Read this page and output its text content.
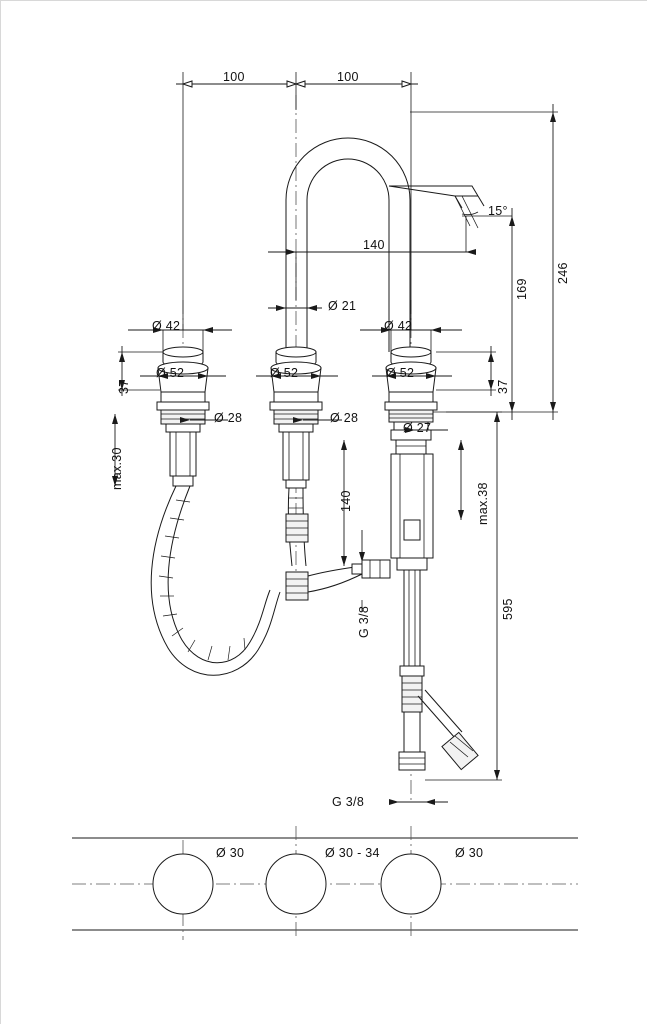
100	100
140
15°
246
169
Ø 21
Ø 42	Ø 42
Ø 52	Ø 52	Ø 52
37	37
Ø 28	Ø 28
Ø 27
max.30
max.38
140
595
G 3/8
G 3/8
Ø 30	Ø 30 - 34	Ø 30
